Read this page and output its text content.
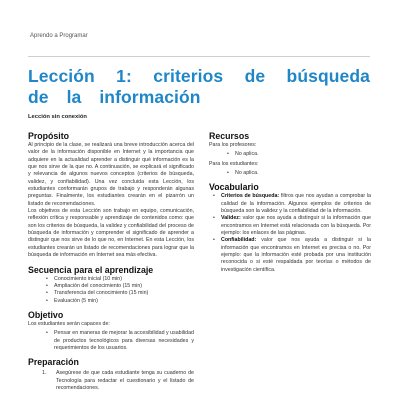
Aprendo a Programar
Lección 1: criterios de búsqueda de la información
Lección sin conexión
Propósito

Al principio de la clase, se realizará una breve introducción acerca del valor de la información disponible en Internet y la importancia que adquiere en la actualidad aprender a distinguir qué información es la que nos sirve de la que no. A continuación, se explicará el significado y relevancia de algunos nuevos conceptos (criterios de búsqueda, validez, y confiabilidad). Una vez concluida esta Lección, los estudiantes conformarán grupos de trabajo y responderán algunas preguntas. Finalmente, los estudiantes crearán en el pizarrón un listado de recomendaciones.

Los objetivos de esta Lección son trabajo en equipo, comunicación, reflexión crítica y responsable y aprendizaje de contenidos como: que son los criterios de búsqueda, la validez y confiabilidad del proceso de búsqueda de información y comprender el significado de aprender a distinguir que nos sirve de lo que no, en Internet. En esta Lección, los estudiantes crearán un listado de recomendaciones para lograr que la búsqueda de información en Internet sea más efectiva.

Secuencia para el aprendizaje
• Conocimiento inicial (10 min)
• Ampliación del conocimiento (15 min)
• Transferencia del conocimiento (15 min)
• Evaluación (5 min)
Objetivo

Los estudiantes serán capaces de:

• Pensar en maneras de mejorar la accesibilidad y usabilidad de productos tecnológicos para diversas necesidades y requerimientos de los usuarios.
Preparación
1. Asegúrese de que cada estudiante tenga su cuaderno de Tecnología para redactar el cuestionario y el listado de recomendaciones.
Recursos

Para los profesores:

• No aplica.

Para los estudiantes:

• No aplica.
Vocabulario
• Criterios de búsqueda: filtros que nos ayudan a comprobar la calidad de la información. Algunos ejemplos de criterios de búsqueda son la validez y la confiabilidad de la información.
• Validez: valor que nos ayuda a distinguir si la información que encontramos en Internet está relacionada con la búsqueda. Por ejemplo: los enlaces de las páginas.
• Confiabilidad: valor que nos ayuda a distinguir si la información que encontramos en Internet es precisa o no. Por ejemplo: que la información esté probada por una institución reconocida o si esté respaldada por teorías o métodos de investigación científica.
